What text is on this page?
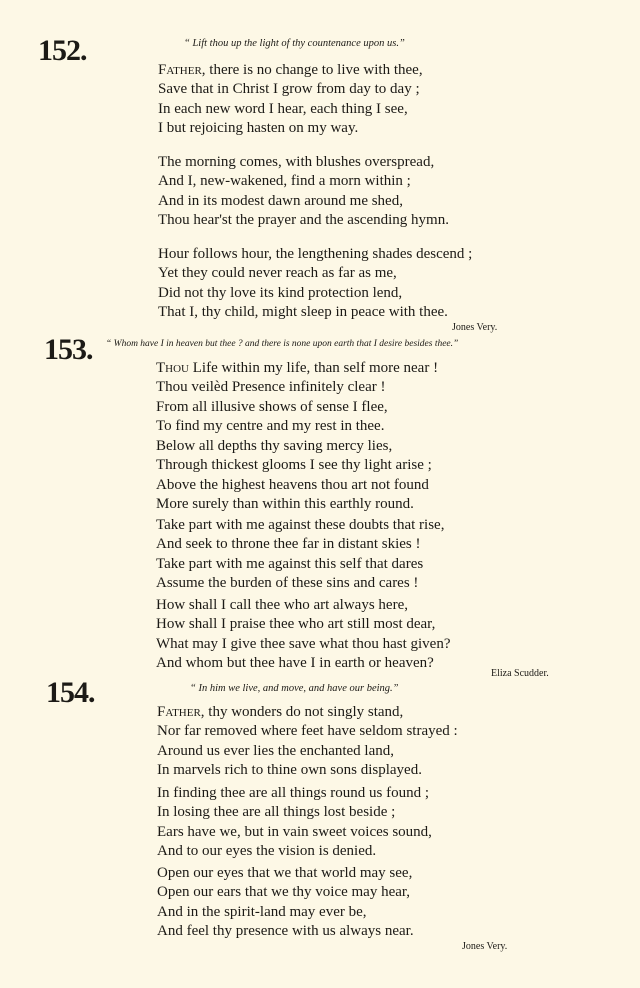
152.	“ Lift thou up the light of thy countenance upon us.”
Father, there is no change to live with thee,
Save that in Christ I grow from day to day ;
In each new word I hear, each thing I see,
I but rejoicing hasten on my way.
The morning comes, with blushes overspread,
And I, new-wakened, find a morn within ;
And in its modest dawn around me shed,
Thou hear'st the prayer and the ascending hymn.
Hour follows hour, the lengthening shades descend ;
Yet they could never reach as far as me,
Did not thy love its kind protection lend,
That I, thy child, might sleep in peace with thee.
Jones Very.
153. “ Whom have I in heaven but thee ? and there is none upon earth that I desire besides thee.”
Thou Life within my life, than self more near !
Thou veilèd Presence infinitely clear !
From all illusive shows of sense I flee,
To find my centre and my rest in thee.
Below all depths thy saving mercy lies,
Through thickest glooms I see thy light arise ;
Above the highest heavens thou art not found
More surely than within this earthly round.
Take part with me against these doubts that rise,
And seek to throne thee far in distant skies !
Take part with me against this self that dares
Assume the burden of these sins and cares !
How shall I call thee who art always here,
How shall I praise thee who art still most dear,
What may I give thee save what thou hast given?
And whom but thee have I in earth or heaven?
Eliza Scudder.
154.	“ In him we live, and move, and have our being.”
Father, thy wonders do not singly stand,
Nor far removed where feet have seldom strayed :
Around us ever lies the enchanted land,
In marvels rich to thine own sons displayed.
In finding thee are all things round us found ;
In losing thee are all things lost beside ;
Ears have we, but in vain sweet voices sound,
And to our eyes the vision is denied.
Open our eyes that we that world may see,
Open our ears that we thy voice may hear,
And in the spirit-land may ever be,
And feel thy presence with us always near.
Jones Very.
